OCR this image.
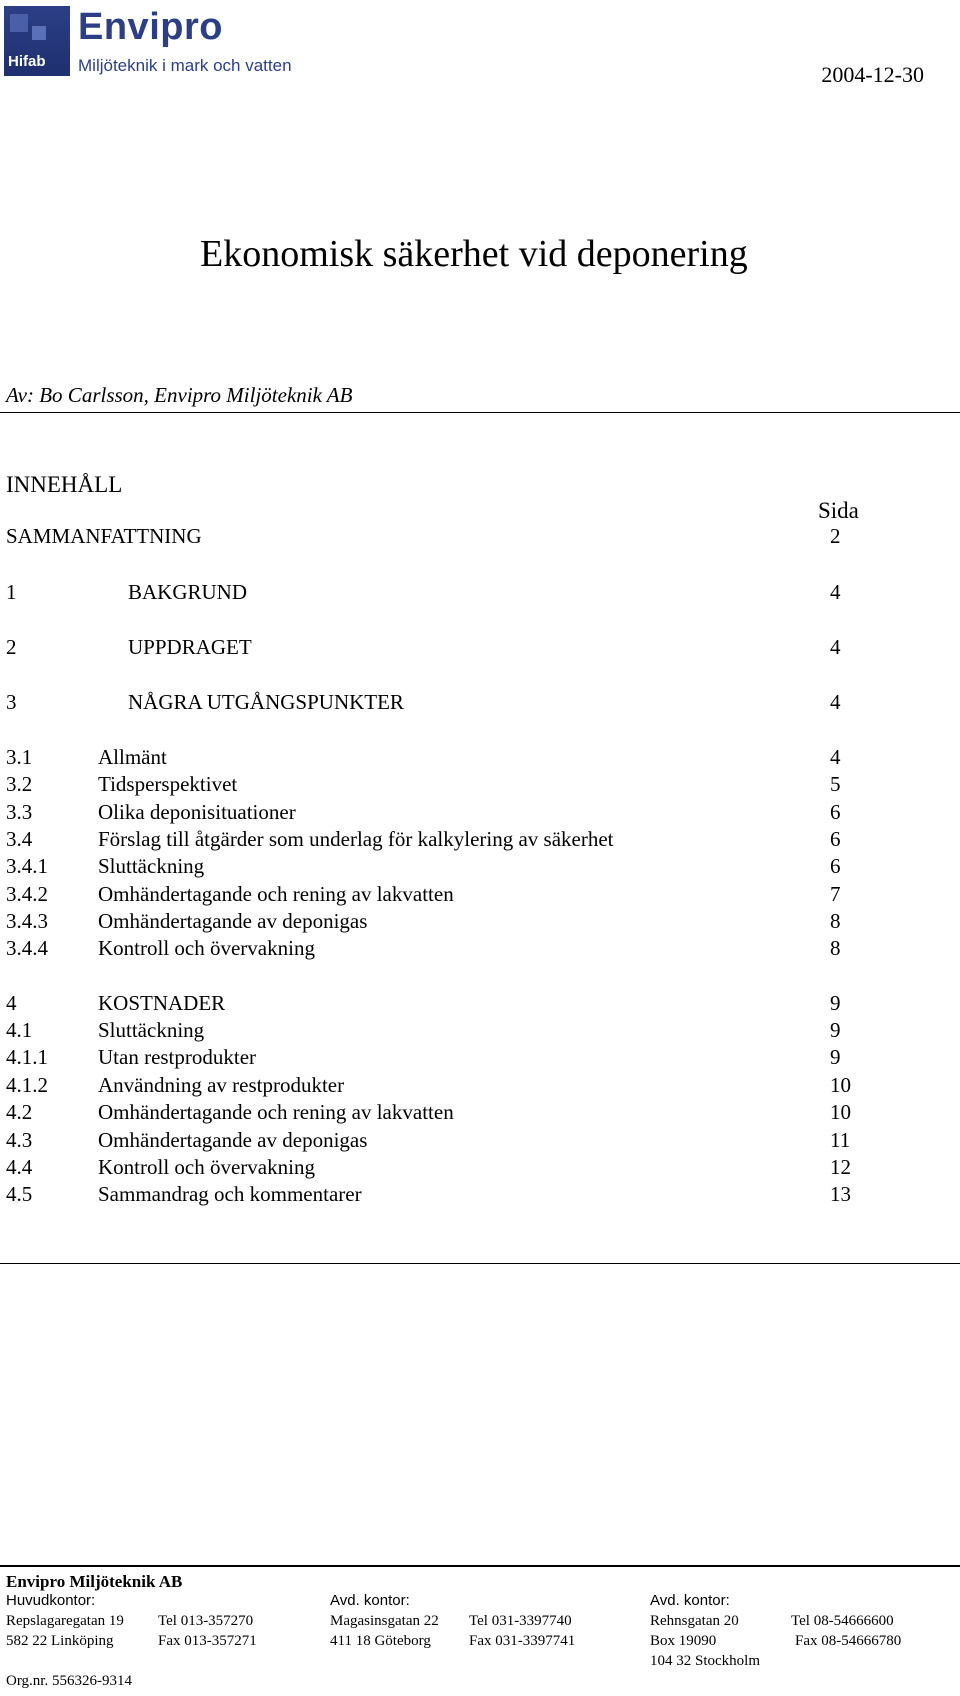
Hifab
Envipro
Miljöteknik i mark och vatten	2004-12-30
Ekonomisk säkerhet vid deponering
Av: Bo Carlsson, Envipro Miljöteknik AB
INNEHÅLL
Sida
SAMMANFATTNING	2
1	BAKGRUND	4
2	UPPDRAGET	4
3	NÅGRA UTGÅNGSPUNKTER	4
3.1	Allmänt	4
3.2	Tidsperspektivet	5
3.3	Olika deponisituationer	6
3.4	Förslag till åtgärder som underlag för kalkylering av säkerhet	6
3.4.1 Sluttäckning	6
3.4.2 Omhändertagande och rening av lakvatten	7
3.4.3 Omhändertagande av deponigas	8
3.4.4 Kontroll och övervakning	8
4	KOSTNADER	9
4.1	Sluttäckning	9
4.1.1 Utan restprodukter	9
4.1.2 Användning av restprodukter	10
4.2	Omhändertagande och rening av lakvatten	10
4.3	Omhändertagande av deponigas	11
4.4	Kontroll och övervakning	12
4.5	Sammandrag och kommentarer	13
Envipro Miljöteknik AB
Huvudkontor:
Repslagaregatan 19 Tel 013-357270
582 22 Linköping	Fax 013-357271
Avd. kontor:
Magasinsgatan 22 Tel 031-3397740
411 18 Göteborg	Fax 031-3397741
Avd. kontor:
Rehnsgatan 20	Tel 08-54666600
Box 19090	Fax 08-54666780
104 32 Stockholm
Org.nr. 556326-9314
